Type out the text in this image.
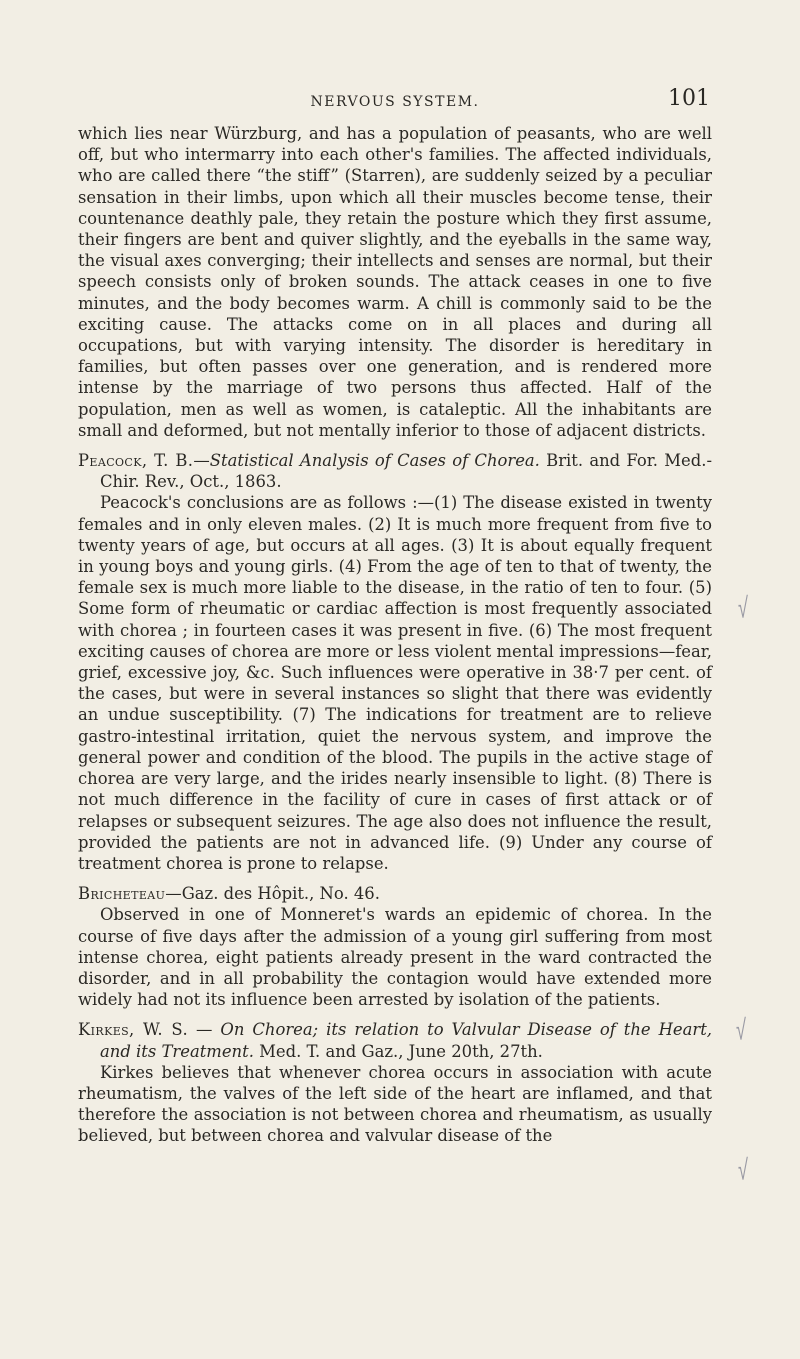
NERVOUS SYSTEM.	101

which lies near Würzburg, and has a population of peasants, who are well off, but who intermarry into each other's families. The affected individuals, who are called there “the stiff” (Starren), are suddenly seized by a peculiar sensation in their limbs, upon which all their muscles become tense, their countenance deathly pale, they retain the posture which they first assume, their fingers are bent and quiver slightly, and the eyeballs in the same way, the visual axes converging; their intellects and senses are normal, but their speech consists only of broken sounds. The attack ceases in one to five minutes, and the body becomes warm. A chill is commonly said to be the exciting cause. The attacks come on in all places and during all occupations, but with varying intensity. The disorder is hereditary in families, but often passes over one generation, and is rendered more intense by the marriage of two persons thus affected. Half of the population, men as well as women, is cataleptic. All the inhabitants are small and deformed, but not mentally inferior to those of adjacent districts.

Peacock, T. B.—Statistical Analysis of Cases of Chorea. Brit. and For. Med.-Chir. Rev., Oct., 1863.

Peacock's conclusions are as follows :—(1) The disease existed in twenty females and in only eleven males. (2) It is much more frequent from five to twenty years of age, but occurs at all ages. (3) It is about equally frequent in young boys and young girls. (4) From the age of ten to that of twenty, the female sex is much more liable to the disease, in the ratio of ten to four. (5) Some form of rheumatic or cardiac affection is most frequently associated with chorea ; in fourteen cases it was present in five. (6) The most frequent exciting causes of chorea are more or less violent mental impressions—fear, grief, excessive joy, &c. Such influences were operative in 38·7 per cent. of the cases, but were in several instances so slight that there was evidently an undue susceptibility. (7) The indications for treatment are to relieve gastro-intestinal irritation, quiet the nervous system, and improve the general power and condition of the blood. The pupils in the active stage of chorea are very large, and the irides nearly insensible to light. (8) There is not much difference in the facility of cure in cases of first attack or of relapses or subsequent seizures. The age also does not influence the result, provided the patients are not in advanced life. (9) Under any course of treatment chorea is prone to relapse.

Bricheteau—Gaz. des Hôpit., No. 46.

Observed in one of Monneret's wards an epidemic of chorea. In the course of five days after the admission of a young girl suffering from most intense chorea, eight patients already present in the ward contracted the disorder, and in all probability the contagion would have extended more widely had not its influence been arrested by isolation of the patients.

Kirkes, W. S. — On Chorea; its relation to Valvular Disease of the Heart, and its Treatment. Med. T. and Gaz., June 20th, 27th.

Kirkes believes that whenever chorea occurs in association with acute rheumatism, the valves of the left side of the heart are inflamed, and that therefore the association is not between chorea and rheumatism, as usually believed, but between chorea and valvular disease of the

√
√
√
